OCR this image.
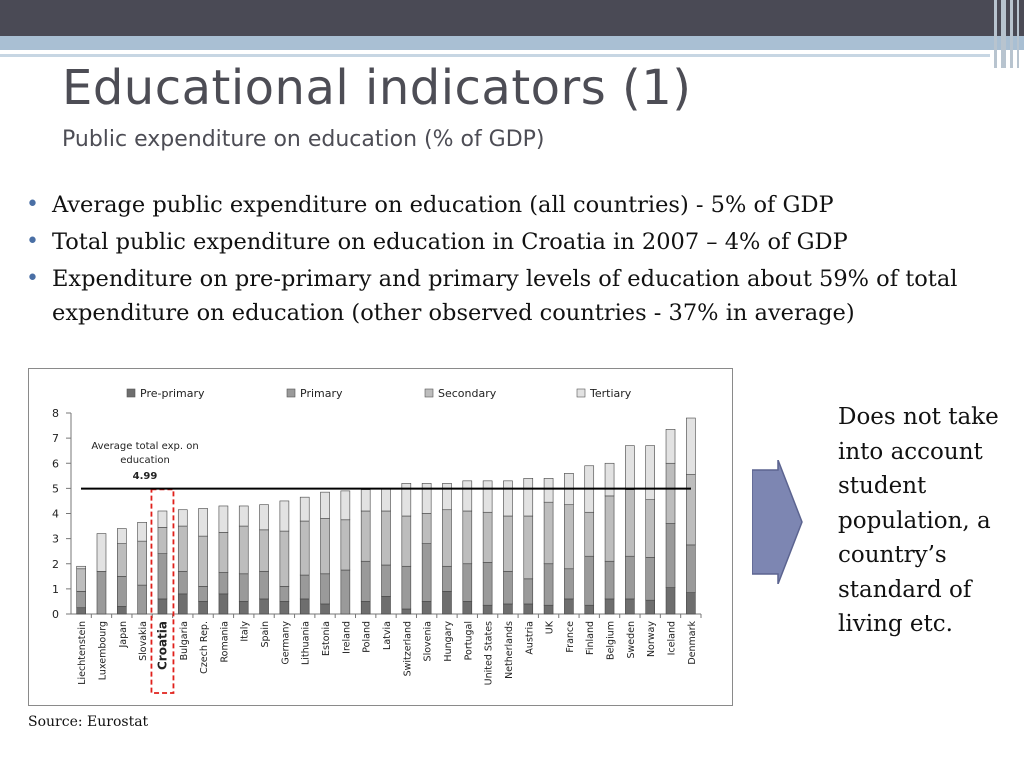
Educational indicators (1)
Public expenditure on education (% of GDP)
• Average public expenditure on education (all countries) - 5% of GDP
• Total public expenditure on education in Croatia in 2007 – 4% of GDP
• Expenditure on pre-primary and primary levels of education about 59% of total expenditure on education (other observed countries - 37% in average)
Pre-primary	Primary	Secondary	Tertiary
0
1
2
3
4
5
6
7
8
Liechtenstein Luxembourg Japan Slovakia Croatia Bulgaria Czech Rep. Romania Italy Spain Germany Lithuania Estonia Ireland Poland Latvia Switzerland Slovenia Hungary Portugal United States Netherlands Austria UK France Finland Belgium Sweden Norway Iceland Denmark
Average total exp. on
education
4.99
Does not take into account student population, a country’s standard of living etc.
Source: Eurostat
